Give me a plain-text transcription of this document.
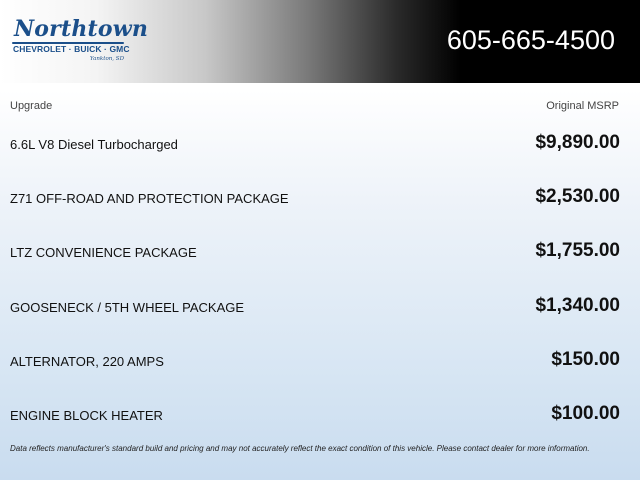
Northtown
CHEVROLET · BUICK · GMC
Yankton, SD
605-665-4500
Upgrade	Original MSRP
6.6L V8 Diesel Turbocharged	$9,890.00
Z71 OFF-ROAD AND PROTECTION PACKAGE	$2,530.00
LTZ CONVENIENCE PACKAGE	$1,755.00
GOOSENECK / 5TH WHEEL PACKAGE	$1,340.00
ALTERNATOR, 220 AMPS	$150.00
ENGINE BLOCK HEATER	$100.00
Data reflects manufacturer's standard build and pricing and may not accurately reflect the exact condition of this vehicle. Please contact dealer for more information.
